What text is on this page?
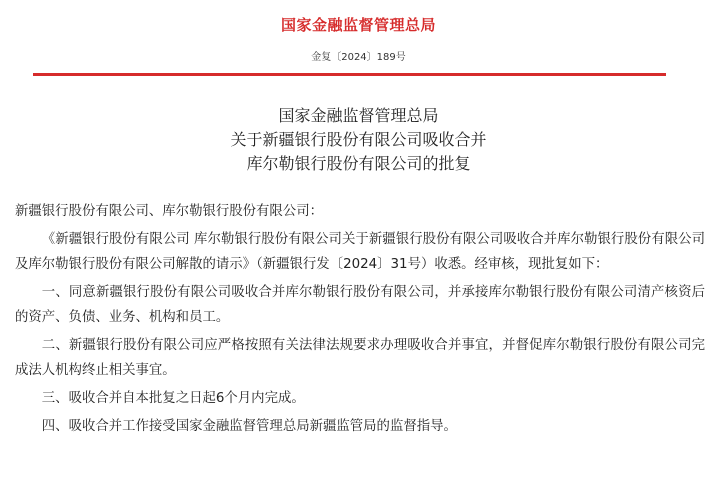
国家金融监督管理总局
金复〔2024〕189号
国家金融监督管理总局
关于新疆银行股份有限公司吸收合并
库尔勒银行股份有限公司的批复

新疆银行股份有限公司、库尔勒银行股份有限公司：

《新疆银行股份有限公司 库尔勒银行股份有限公司关于新疆银行股份有限公司吸收合并库尔勒银行股份有限公司及库尔勒银行股份有限公司解散的请示》（新疆银行发〔2024〕31号）收悉。经审核，现批复如下：

一、同意新疆银行股份有限公司吸收合并库尔勒银行股份有限公司，并承接库尔勒银行股份有限公司清产核资后的资产、负债、业务、机构和员工。

二、新疆银行股份有限公司应严格按照有关法律法规要求办理吸收合并事宜，并督促库尔勒银行股份有限公司完成法人机构终止相关事宜。

三、吸收合并自本批复之日起6个月内完成。

四、吸收合并工作接受国家金融监督管理总局新疆监管局的监督指导。
